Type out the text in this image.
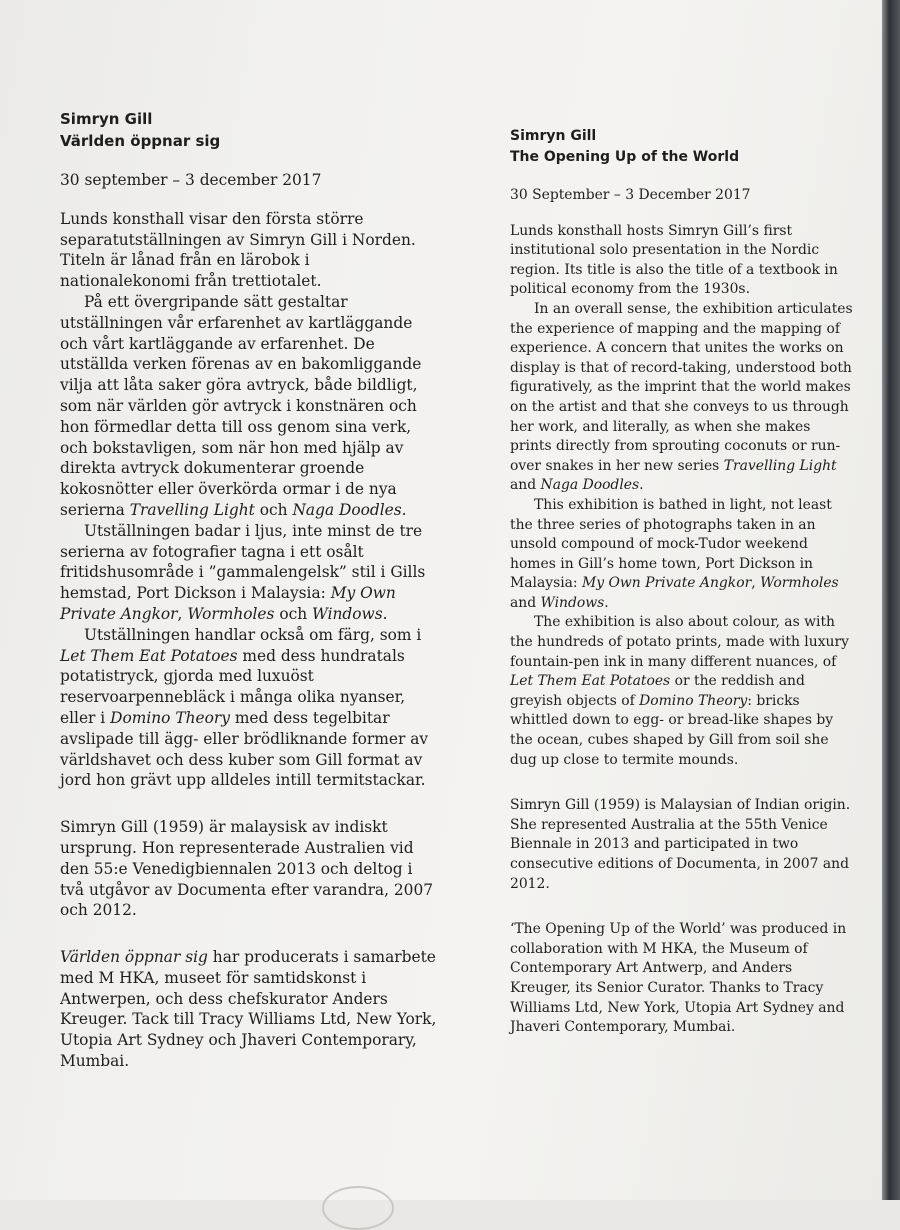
Simryn Gill
Världen öppnar sig
30 september – 3 december 2017

Lunds konsthall visar den första större separatutställningen av Simryn Gill i Norden. Titeln är lånad från en lärobok i nationalekonomi från trettiotalet.

På ett övergripande sätt gestaltar utställningen vår erfarenhet av kartläggande och vårt kartläggande av erfarenhet. De utställda verken förenas av en bakomliggande vilja att låta saker göra avtryck, både bildligt, som när världen gör avtryck i konstnären och hon förmedlar detta till oss genom sina verk, och bokstavligen, som när hon med hjälp av direkta avtryck dokumenterar groende kokosnötter eller överkörda ormar i de nya serierna Travelling Light och Naga Doodles.

Utställningen badar i ljus, inte minst de tre serierna av fotografier tagna i ett osålt fritidshusområde i ”gammalengelsk” stil i Gills hemstad, Port Dickson i Malaysia: My Own Private Angkor, Wormholes och Windows.

Utställningen handlar också om färg, som i Let Them Eat Potatoes med dess hundratals potatistryck, gjorda med luxuöst reservoarpennebläck i många olika nyanser, eller i Domino Theory med dess tegelbitar avslipade till ägg- eller brödliknande former av världshavet och dess kuber som Gill format av jord hon grävt upp alldeles intill termitstackar.

Simryn Gill (1959) är malaysisk av indiskt ursprung. Hon representerade Australien vid den 55:e Venedigbiennalen 2013 och deltog i två utgåvor av Documenta efter varandra, 2007 och 2012.

Världen öppnar sig har producerats i samarbete med M HKA, museet för samtidskonst i Antwerpen, och dess chefskurator Anders Kreuger. Tack till Tracy Williams Ltd, New York, Utopia Art Sydney och Jhaveri Contemporary, Mumbai.

Simryn Gill
The Opening Up of the World
30 September – 3 December 2017

Lunds konsthall hosts Simryn Gill’s first institutional solo presentation in the Nordic region. Its title is also the title of a textbook in political economy from the 1930s.

In an overall sense, the exhibition articulates the experience of mapping and the mapping of experience. A concern that unites the works on display is that of record-taking, understood both figuratively, as the imprint that the world makes on the artist and that she conveys to us through her work, and literally, as when she makes prints directly from sprouting coconuts or run-over snakes in her new series Travelling Light and Naga Doodles.

This exhibition is bathed in light, not least the three series of photographs taken in an unsold compound of mock-Tudor weekend homes in Gill’s home town, Port Dickson in Malaysia: My Own Private Angkor, Wormholes and Windows.

The exhibition is also about colour, as with the hundreds of potato prints, made with luxury fountain-pen ink in many different nuances, of Let Them Eat Potatoes or the reddish and greyish objects of Domino Theory: bricks whittled down to egg- or bread-like shapes by the ocean, cubes shaped by Gill from soil she dug up close to termite mounds.

Simryn Gill (1959) is Malaysian of Indian origin. She represented Australia at the 55th Venice Biennale in 2013 and participated in two consecutive editions of Documenta, in 2007 and 2012.

‘The Opening Up of the World’ was produced in collaboration with M HKA, the Museum of Contemporary Art Antwerp, and Anders Kreuger, its Senior Curator. Thanks to Tracy Williams Ltd, New York, Utopia Art Sydney and Jhaveri Contemporary, Mumbai.
